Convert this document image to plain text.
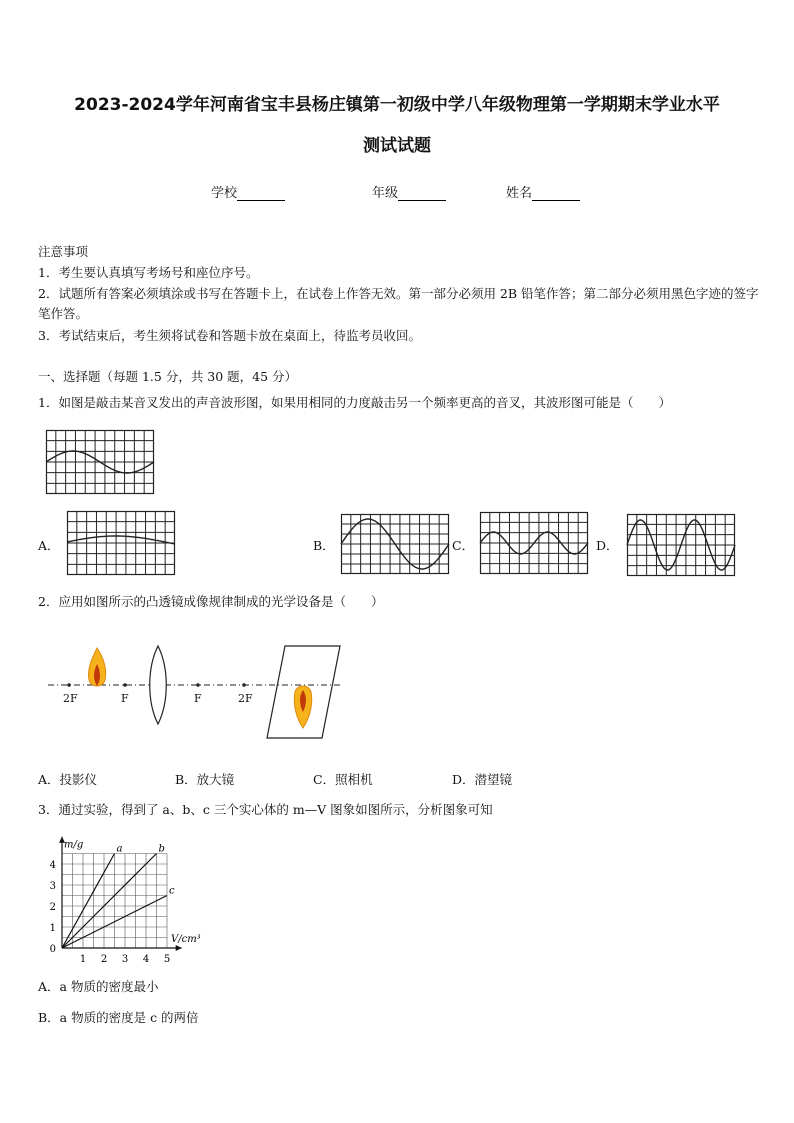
2023-2024学年河南省宝丰县杨庄镇第一初级中学八年级物理第一学期期末学业水平
测试试题
学校	年级	姓名
注意事项
1．考生要认真填写考场号和座位序号。
2．试题所有答案必须填涂或书写在答题卡上，在试卷上作答无效。第一部分必须用 2B 铅笔作答；第二部分必须用黑色字迹的签字笔作答。
3．考试结束后，考生须将试卷和答题卡放在桌面上，待监考员收回。
一、选择题（每题 1.5 分，共 30 题，45 分）
1．如图是敲击某音叉发出的声音波形图，如果用相同的力度敲击另一个频率更高的音叉，其波形图可能是（　　）
A．	B．	C．	D．
2．应用如图所示的凸透镜成像规律制成的光学设备是（　　）
2F	F	F	2F
A．投影仪	B．放大镜	C．照相机	D．潜望镜
3．通过实验，得到了 a、b、c 三个实心体的 m—V 图象如图所示，分析图象可知
1 2 3 4 5
1
2
3
4
0
m/g
V/cm³
a	b
c
A．a 物质的密度最小
B．a 物质的密度是 c 的两倍
